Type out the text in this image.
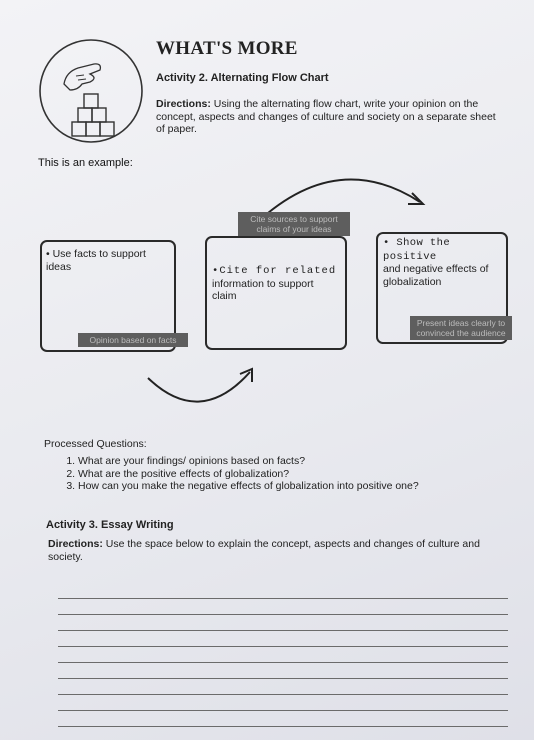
WHAT'S MORE
Activity 2. Alternating Flow Chart
Directions: Using the alternating flow chart, write your opinion on the concept, aspects and changes of culture and society on a separate sheet of paper.
This is an example:
• Use facts to support ideas
Opinion based on facts
•Cite for related
information to support claim
Cite sources to support claims of your ideas
• Show the positive
and negative effects of globalization
Present ideas clearly to convinced the audience
Processed Questions:
1. What are your findings/ opinions based on facts?
2. What are the positive effects of globalization?
3. How can you make the negative effects of globalization into positive one?
Activity 3. Essay Writing
Directions: Use the space below to explain the concept, aspects and changes of culture and society.
